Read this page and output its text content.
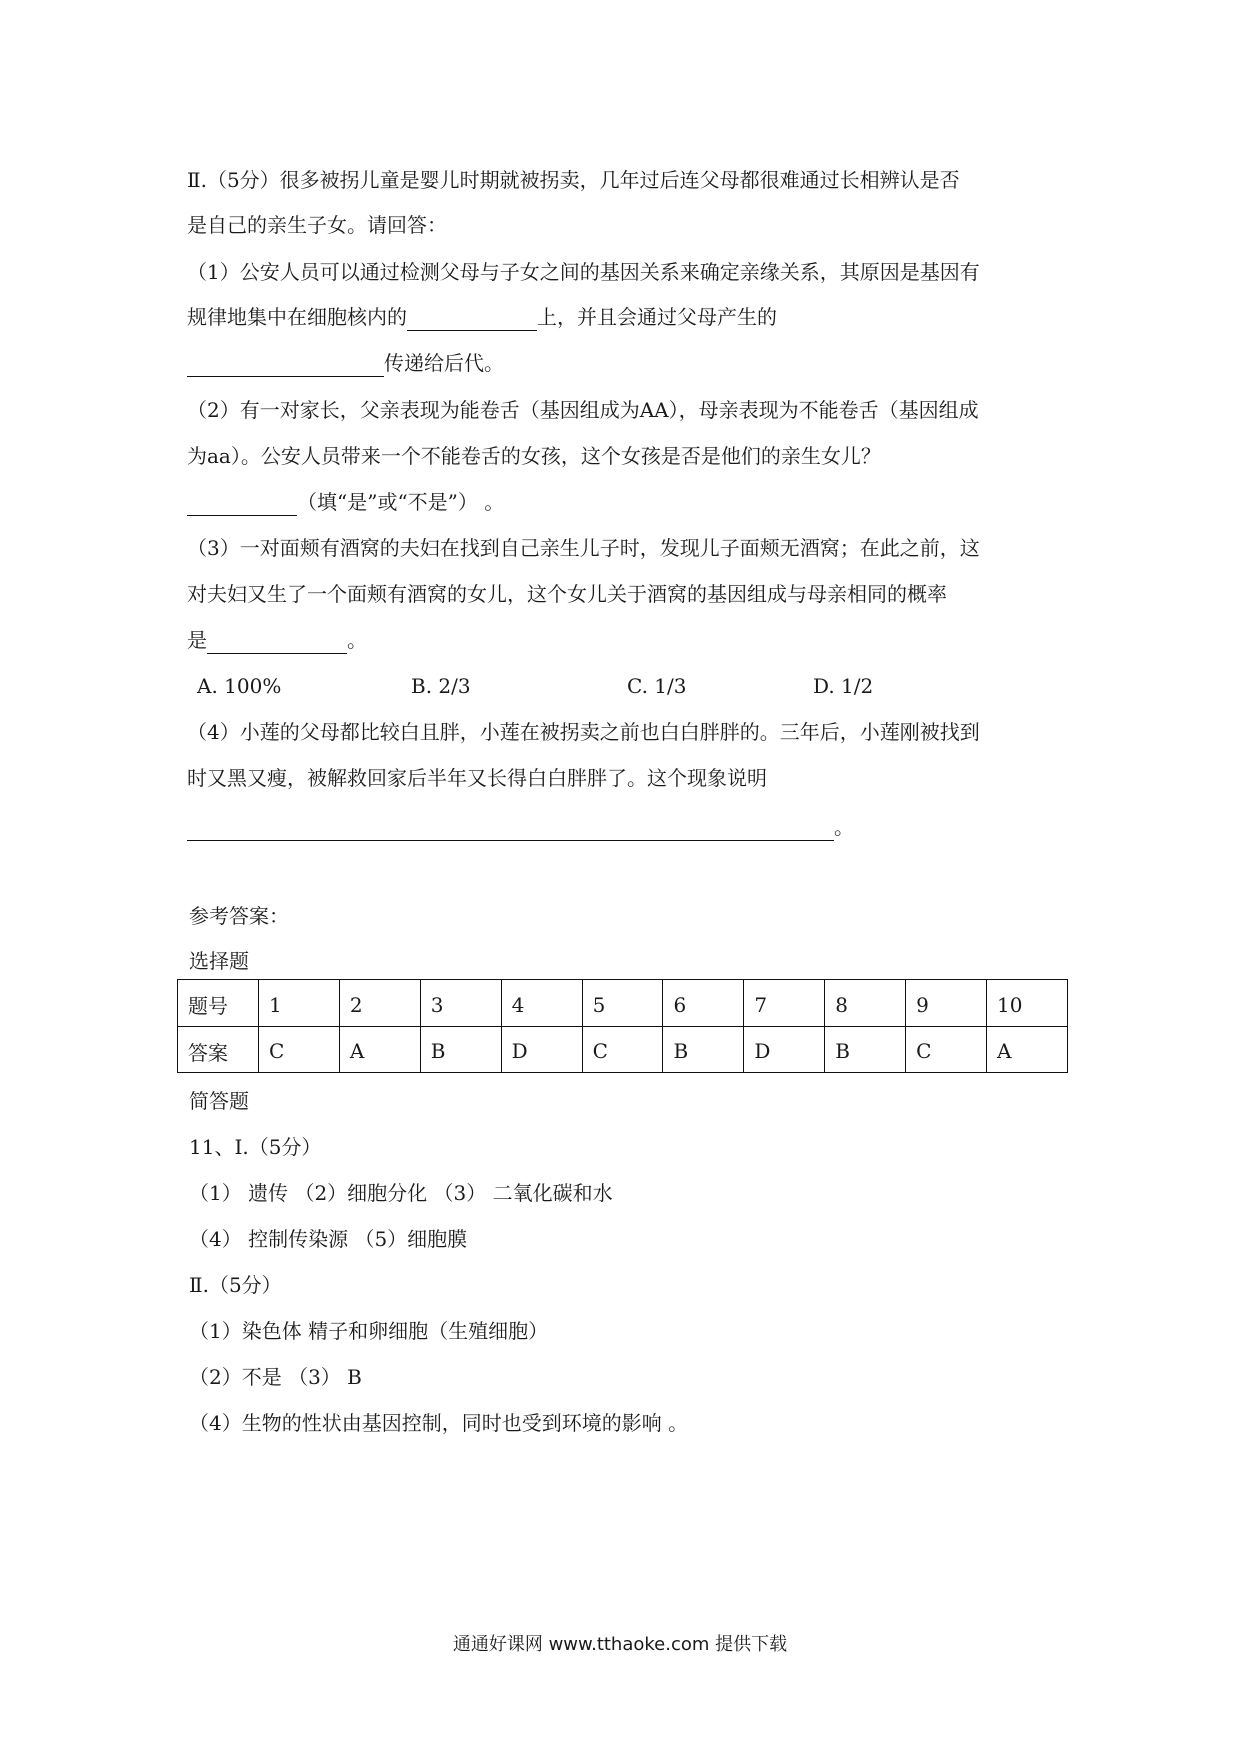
Ⅱ.（5分）很多被拐儿童是婴儿时期就被拐卖，几年过后连父母都很难通过长相辨认是否
是自己的亲生子女。请回答：
（1）公安人员可以通过检测父母与子女之间的基因关系来确定亲缘关系，其原因是基因有
规律地集中在细胞核内的	上，并且会通过父母产生的
传递给后代。
（2）有一对家长，父亲表现为能卷舌（基因组成为AA），母亲表现为不能卷舌（基因组成
为aa）。公安人员带来一个不能卷舌的女孩，这个女孩是否是他们的亲生女儿？
（填“是”或“不是”） 。
（3）一对面颊有酒窝的夫妇在找到自己亲生儿子时，发现儿子面颊无酒窝；在此之前，这
对夫妇又生了一个面颊有酒窝的女儿，这个女儿关于酒窝的基因组成与母亲相同的概率
是	。
A. 100%	B. 2/3	C. 1/3	D. 1/2
（4）小莲的父母都比较白且胖，小莲在被拐卖之前也白白胖胖的。三年后，小莲刚被找到
时又黑又瘦，被解救回家后半年又长得白白胖胖了。这个现象说明
。
参考答案：
选择题
题号	1	2	3	4	5	6	7	8	9	10
答案	C	A	B	D	C	B	D	B	C	A
简答题
11、Ⅰ.（5分）
（1） 遗传 （2）细胞分化 （3） 二氧化碳和水
（4） 控制传染源 （5）细胞膜
Ⅱ.（5分）
（1）染色体 精子和卵细胞（生殖细胞）
（2）不是 （3） B
（4）生物的性状由基因控制，同时也受到环境的影响 。
通通好课网 www.tthaoke.com 提供下载
